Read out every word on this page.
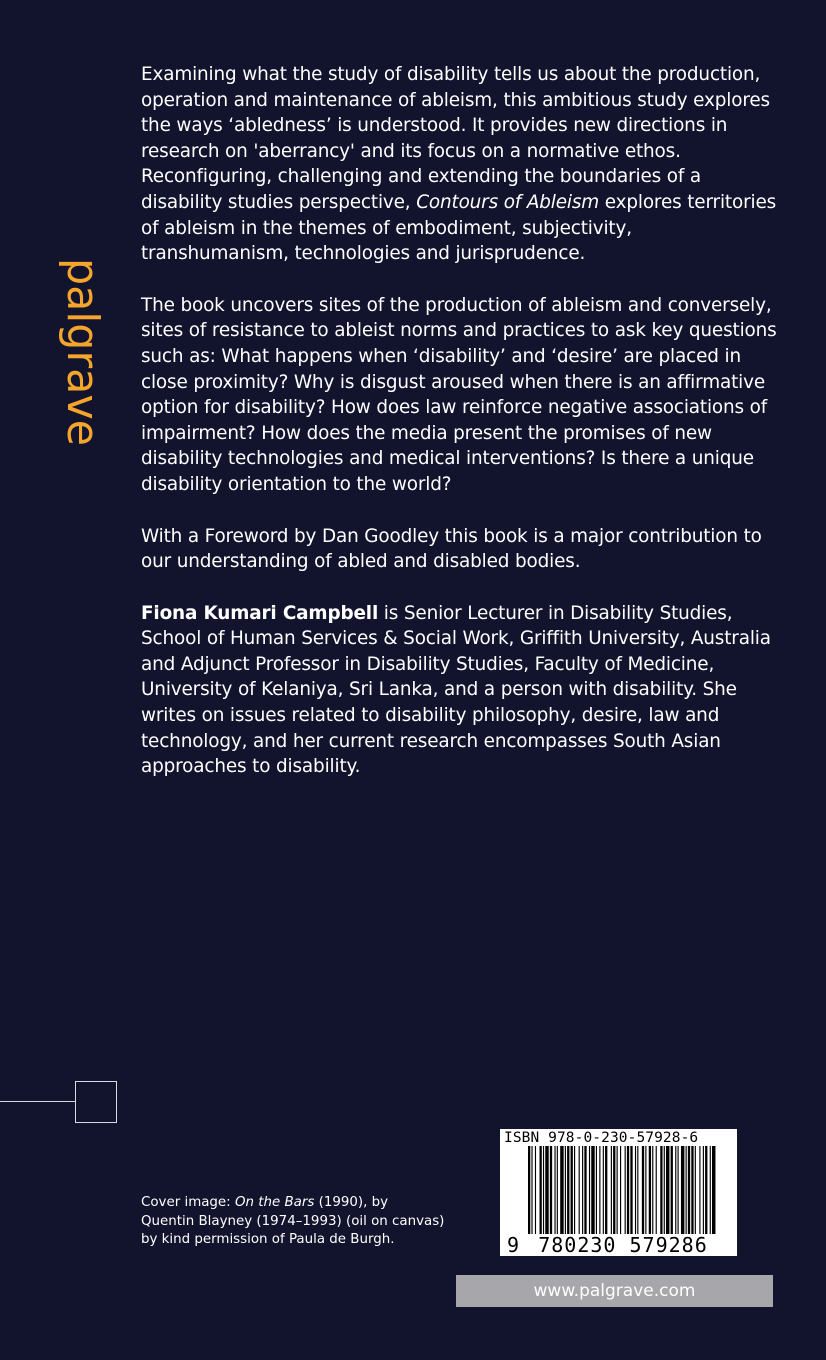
palgrave

Examining what the study of disability tells us about the production, operation and maintenance of ableism, this ambitious study explores the ways ‘abledness’ is understood. It provides new directions in research on 'aberrancy' and its focus on a normative ethos. Reconfiguring, challenging and extending the boundaries of a disability studies perspective, Contours of Ableism explores territories of ableism in the themes of embodiment, subjectivity, transhumanism, technologies and jurisprudence.

The book uncovers sites of the production of ableism and conversely, sites of resistance to ableist norms and practices to ask key questions such as: What happens when ‘disability’ and ‘desire’ are placed in close proximity? Why is disgust aroused when there is an affirmative option for disability? How does law reinforce negative associations of impairment? How does the media present the promises of new disability technologies and medical interventions? Is there a unique disability orientation to the world?

With a Foreword by Dan Goodley this book is a major contribution to our understanding of abled and disabled bodies.

Fiona Kumari Campbell is Senior Lecturer in Disability Studies, School of Human Services & Social Work, Griffith University, Australia and Adjunct Professor in Disability Studies, Faculty of Medicine, University of Kelaniya, Sri Lanka, and a person with disability. She writes on issues related to disability philosophy, desire, law and technology, and her current research encompasses South Asian approaches to disability.

Cover image: On the Bars (1990), by

Quentin Blayney (1974–1993) (oil on canvas)

by kind permission of Paula de Burgh.

ISBN 978-0-230-57928-6
9 780230 579286
www.palgrave.com
